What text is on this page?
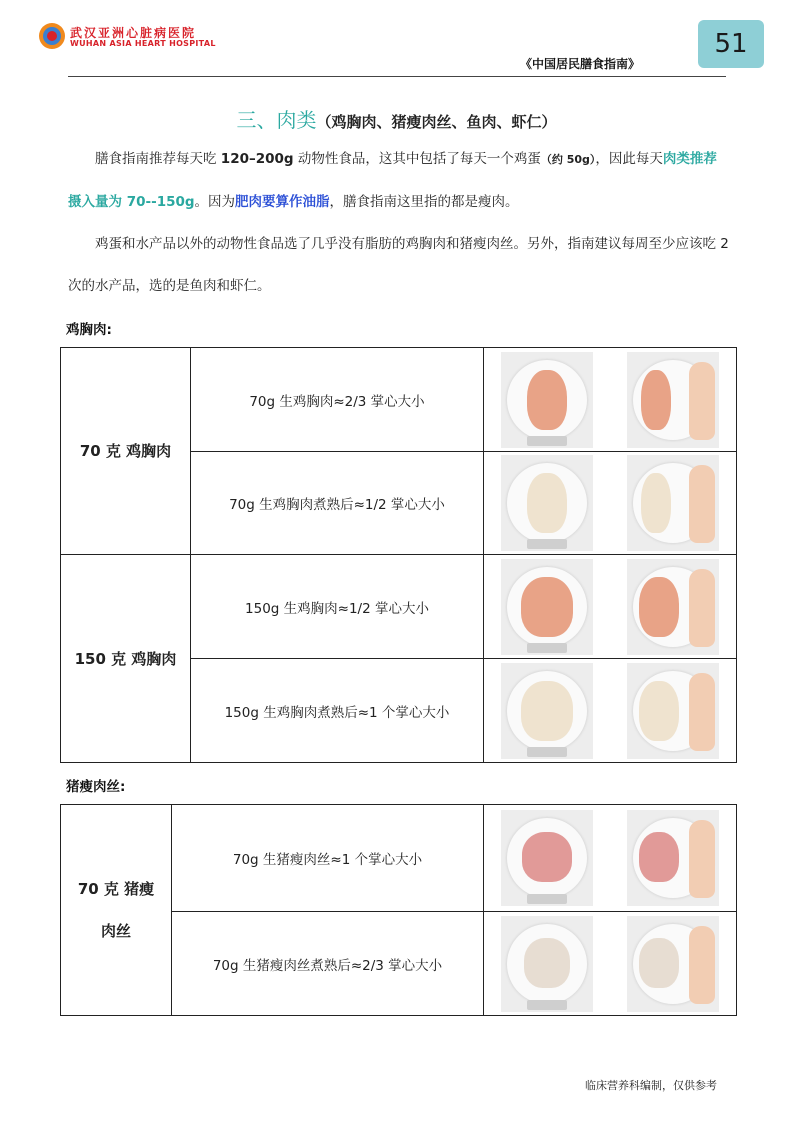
武汉亚洲心脏病医院
WUHAN ASIA HEART HOSPITAL	51
《中国居民膳食指南》
三、肉类（鸡胸肉、猪瘦肉丝、鱼肉、虾仁）

膳食指南推荐每天吃 120–200g 动物性食品，这其中包括了每天一个鸡蛋（约 50g），因此每天肉类推荐摄入量为 70--150g。因为肥肉要算作油脂，膳食指南这里指的都是瘦肉。

鸡蛋和水产品以外的动物性食品选了几乎没有脂肪的鸡胸肉和猪瘦肉丝。另外，指南建议每周至少应该吃 2 次的水产品，选的是鱼肉和虾仁。

鸡胸肉:
70 克 鸡胸肉	70g 生鸡胸肉≈2/3 掌心大小	

	70g 生鸡胸肉煮熟后≈1/2 掌心大小	

150 克 鸡胸肉	150g 生鸡胸肉≈1/2 掌心大小	

	150g 生鸡胸肉煮熟后≈1 个掌心大小	
猪瘦肉丝:
70 克 猪瘦
肉丝	70g 生猪瘦肉丝≈1 个掌心大小	

	70g 生猪瘦肉丝煮熟后≈2/3 掌心大小	
临床营养科编制，仅供参考
